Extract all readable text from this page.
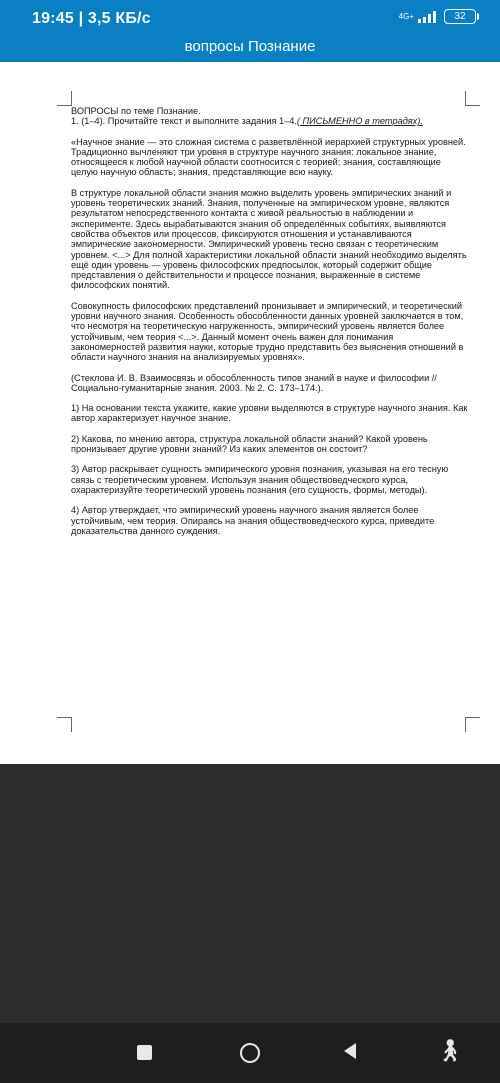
19:45 | 3,5 КБ/с	4G+	32
вопросы Познание

ВОПРОСЫ по теме Познание.

1. (1–4). Прочитайте текст и выполните задания 1–4.( ПИСЬМЕННО в тетрадях).

«Научное знание — это сложная система с разветвлённой иерархией структурных уровней. Традиционно вычленяют три уровня в структуре научного знания: локальное знание, относящееся к любой научной области соотносится с теорией; знания, составляющие целую научную область; знания, представляющие всю науку.

В структуре локальной области знания можно выделить уровень эмпирических знаний и уровень теоретических знаний. Знания, полученные на эмпирическом уровне, являются результатом непосредственного контакта с живой реальностью в наблюдении и эксперименте. Здесь вырабатываются знания об определённых событиях, выявляются свойства объектов или процессов, фиксируются отношения и устанавливаются эмпирические закономерности. Эмпирический уровень тесно связан с теоретическим уровнем. <...> Для полной характеристики локальной области знаний необходимо выделять ещё один уровень — уровень философских предпосылок, который содержит общие представления о действительности и процессе познания, выраженные в системе философских понятий.

Совокупность философских представлений пронизывает и эмпирический, и теоретический уровни научного знания. Особенность обособленности данных уровней заключается в том, что несмотря на теоретическую нагруженность, эмпирический уровень является более устойчивым, чем теория <...>. Данный момент очень важен для понимания закономерностей развития науки, которые трудно представить без выяснения отношений в области научного знания на анализируемых уровнях».

(Стеклова И. В. Взаимосвязь и обособленность типов знаний в науке и философии // Социально-гуманитарные знания. 2003. № 2. С. 173–174.).

1) На основании текста укажите, какие уровни выделяются в структуре научного знания. Как автор характеризует научное знание.

2) Какова, по мнению автора, структура локальной области знаний? Какой уровень пронизывает другие уровни знаний? Из каких элементов он состоит?

3) Автор раскрывает сущность эмпирического уровня познания, указывая на его тесную связь с теоретическим уровнем. Используя знания обществоведческого курса, охарактеризуйте теоретический уровень познания (его сущность, формы, методы).

4) Автор утверждает, что эмпирический уровень научного знания является более устойчивым, чем теория. Опираясь на знания обществоведческого курса, приведите доказательства данного суждения.

🚶︎
